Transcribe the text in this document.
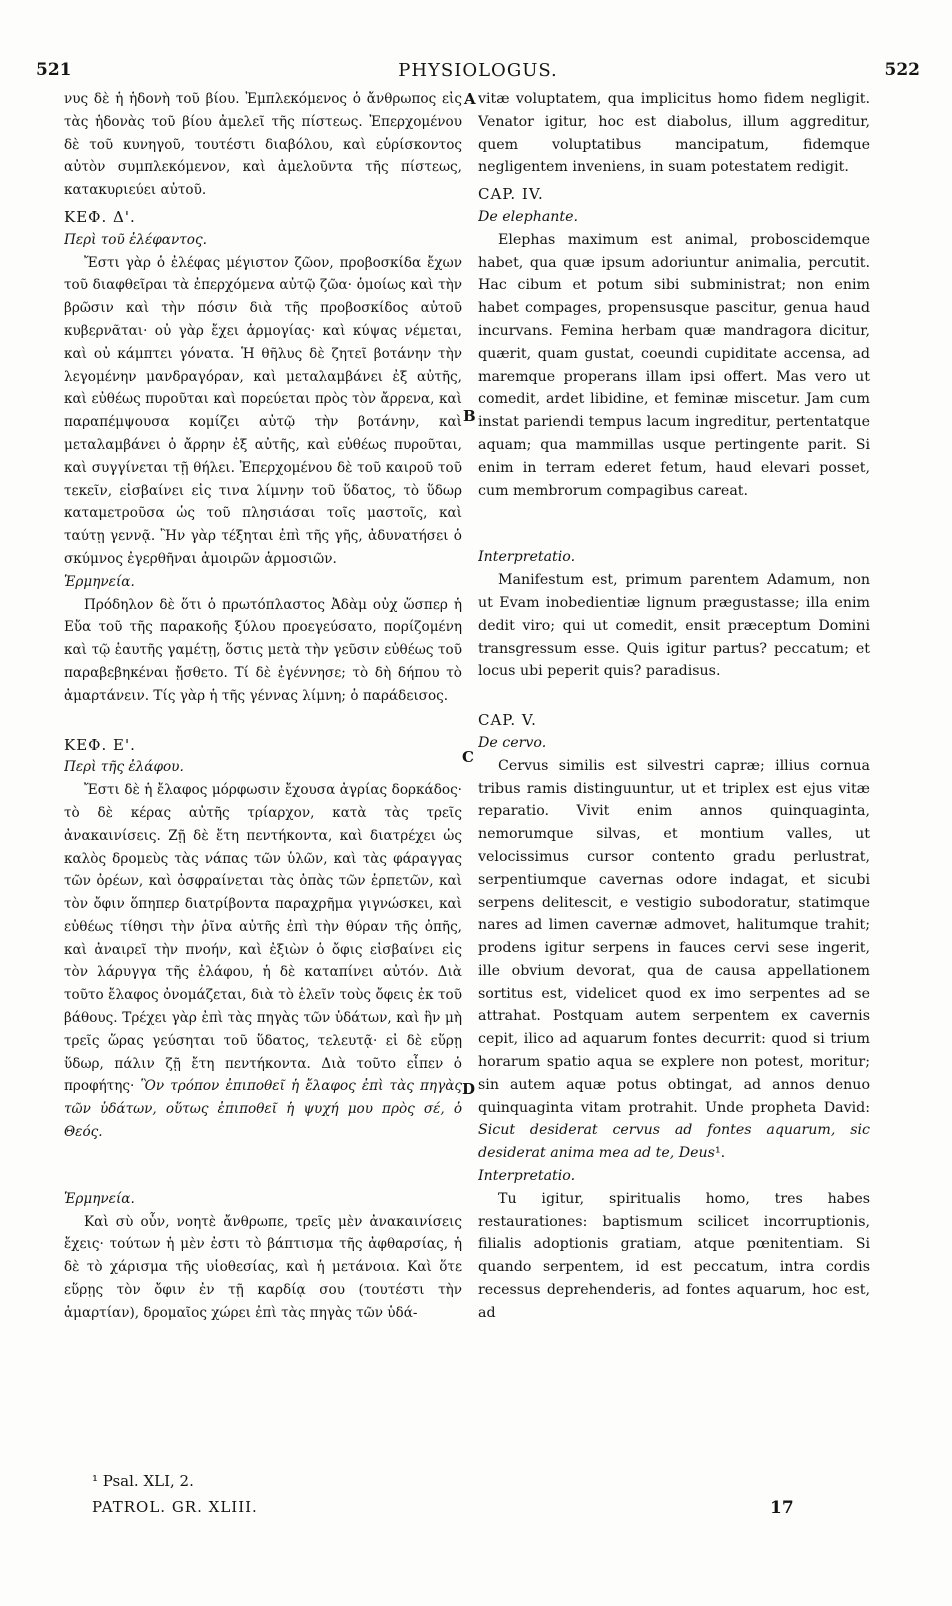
521	PHYSIOLOGUS.	522

νυς δὲ ἡ ἡδονὴ τοῦ βίου. Ἐμπλεκόμενος ὁ ἄνθρωπος εἰς τὰς ἡδονὰς τοῦ βίου ἀμελεῖ τῆς πίστεως. Ἐπερχομένου δὲ τοῦ κυνηγοῦ, τουτέστι διαβόλου, καὶ εὑρίσκοντος αὐτὸν συμπλεκόμενον, καὶ ἀμελοῦντα τῆς πίστεως, κατακυριεύει αὐτοῦ.

ΚΕΦ. Δ'.

Περὶ τοῦ ἐλέφαντος.

Ἔστι γὰρ ὁ ἐλέφας μέγιστον ζῶον, προβοσκίδα ἔχων τοῦ διαφθεῖραι τὰ ἐπερχόμενα αὐτῷ ζῶα· ὁμοίως καὶ τὴν βρῶσιν καὶ τὴν πόσιν διὰ τῆς προβοσκίδος αὐτοῦ κυβερνᾶται· οὐ γὰρ ἔχει ἁρμογίας· καὶ κύψας νέμεται, καὶ οὐ κάμπτει γόνατα. Ἡ θῆλυς δὲ ζητεῖ βοτάνην τὴν λεγομένην μανδραγόραν, καὶ μεταλαμβάνει ἐξ αὐτῆς, καὶ εὐθέως πυροῦται καὶ πορεύεται πρὸς τὸν ἄρρενα, καὶ παραπέμψουσα κομίζει αὐτῷ τὴν βοτάνην, καὶ μεταλαμβάνει ὁ ἄρρην ἐξ αὐτῆς, καὶ εὐθέως πυροῦται, καὶ συγγίνεται τῇ θήλει. Ἐπερχομένου δὲ τοῦ καιροῦ τοῦ τεκεῖν, εἰσβαίνει εἰς τινα λίμνην τοῦ ὕδατος, τὸ ὕδωρ καταμετροῦσα ὡς τοῦ πλησιάσαι τοῖς μαστοῖς, καὶ ταύτῃ γεννᾷ. Ἢν γὰρ τέξηται ἐπὶ τῆς γῆς, ἀδυνατήσει ὁ σκύμνος ἐγερθῆναι ἀμοιρῶν ἁρμοσιῶν.

Ἑρμηνεία.

Πρόδηλον δὲ ὅτι ὁ πρωτόπλαστος Ἀδὰμ οὐχ ὥσπερ ἡ Εὔα τοῦ τῆς παρακοῆς ξύλου προεγεύσατο, πορίζομένη καὶ τῷ ἑαυτῆς γαμέτῃ, ὅστις μετὰ τὴν γεῦσιν εὐθέως τοῦ παραβεβηκέναι ᾔσθετο. Τί δὲ ἐγέννησε; τὸ δὴ δήπου τὸ ἁμαρτάνειν. Τίς γὰρ ἡ τῆς γέννας λίμνη; ὁ παράδεισος.

ΚΕΦ. Ε'.

Περὶ τῆς ἐλάφου.

Ἔστι δὲ ἡ ἔλαφος μόρφωσιν ἔχουσα ἀγρίας δορκάδος· τὸ δὲ κέρας αὐτῆς τρίαρχον, κατὰ τὰς τρεῖς ἀνακαινίσεις. Ζῇ δὲ ἔτη πεντήκοντα, καὶ διατρέχει ὡς καλὸς δρομεὺς τὰς νάπας τῶν ὑλῶν, καὶ τὰς φάραγγας τῶν ὀρέων, καὶ ὀσφραίνεται τὰς ὀπὰς τῶν ἑρπετῶν, καὶ τὸν ὄφιν ὅπηπερ διατρίβοντα παραχρῆμα γιγνώσκει, καὶ εὐθέως τίθησι τὴν ῥῖνα αὐτῆς ἐπὶ τὴν θύραν τῆς ὀπῆς, καὶ ἀναιρεῖ τὴν πνοήν, καὶ ἐξιὼν ὁ ὄφις εἰσβαίνει εἰς τὸν λάρυγγα τῆς ἐλάφου, ἡ δὲ καταπίνει αὐτόν. Διὰ τοῦτο ἔλαφος ὀνομάζεται, διὰ τὸ ἑλεῖν τοὺς ὄφεις ἐκ τοῦ βάθους. Τρέχει γὰρ ἐπὶ τὰς πηγὰς τῶν ὑδάτων, καὶ ἣν μὴ τρεῖς ὥρας γεύσηται τοῦ ὕδατος, τελευτᾷ· εἰ δὲ εὕρῃ ὕδωρ, πάλιν ζῇ ἔτη πεντήκοντα. Διὰ τοῦτο εἶπεν ὁ προφήτης· Ὃν τρόπον ἐπιποθεῖ ἡ ἔλαφος ἐπὶ τὰς πηγὰς τῶν ὑδάτων, οὕτως ἐπιποθεῖ ἡ ψυχή μου πρὸς σέ, ὁ Θεός.

Ἑρμηνεία.

Καὶ σὺ οὖν, νοητὲ ἄνθρωπε, τρεῖς μὲν ἀνακαινίσεις ἔχεις· τούτων ἡ μὲν ἐστι τὸ βάπτισμα τῆς ἀφθαρσίας, ἡ δὲ τὸ χάρισμα τῆς υἱοθεσίας, καὶ ἡ μετάνοια. Καὶ ὅτε εὕρῃς τὸν ὄφιν ἐν τῇ καρδίᾳ σου (τουτέστι τὴν ἁμαρτίαν), δρομαῖος χώρει ἐπὶ τὰς πηγὰς τῶν ὑδά-

vitæ voluptatem, qua implicitus homo fidem negligit. Venator igitur, hoc est diabolus, illum aggreditur, quem voluptatibus mancipatum, fidemque negligentem inveniens, in suam potestatem redigit.

CAP. IV.

De elephante.

Elephas maximum est animal, proboscidemque habet, qua quæ ipsum adoriuntur animalia, percutit. Hac cibum et potum sibi subministrat; non enim habet compages, propensusque pascitur, genua haud incurvans. Femina herbam quæ mandragora dicitur, quærit, quam gustat, coeundi cupiditate accensa, ad maremque properans illam ipsi offert. Mas vero ut comedit, ardet libidine, et feminæ miscetur. Jam cum instat pariendi tempus lacum ingreditur, pertentatque aquam; qua mammillas usque pertingente parit. Si enim in terram ederet fetum, haud elevari posset, cum membrorum compagibus careat.

Interpretatio.

Manifestum est, primum parentem Adamum, non ut Evam inobedientiæ lignum prægustasse; illa enim dedit viro; qui ut comedit, ensit præceptum Domini transgressum esse. Quis igitur partus? peccatum; et locus ubi peperit quis? paradisus.

CAP. V.

De cervo.

Cervus similis est silvestri capræ; illius cornua tribus ramis distinguuntur, ut et triplex est ejus vitæ reparatio. Vivit enim annos quinquaginta, nemorumque silvas, et montium valles, ut velocissimus cursor contento gradu perlustrat, serpentiumque cavernas odore indagat, et sicubi serpens delitescit, e vestigio subodoratur, statimque nares ad limen cavernæ admovet, halitumque trahit; prodens igitur serpens in fauces cervi sese ingerit, ille obvium devorat, qua de causa appellationem sortitus est, videlicet quod ex imo serpentes ad se attrahat. Postquam autem serpentem ex cavernis cepit, ilico ad aquarum fontes decurrit: quod si trium horarum spatio aqua se explere non potest, moritur; sin autem aquæ potus obtingat, ad annos denuo quinquaginta vitam protrahit. Unde propheta David: Sicut desiderat cervus ad fontes aquarum, sic desiderat anima mea ad te, Deus¹.

Interpretatio.

Tu igitur, spiritualis homo, tres habes restaurationes: baptismum scilicet incorruptionis, filialis adoptionis gratiam, atque pœnitentiam. Si quando serpentem, id est peccatum, intra cordis recessus deprehenderis, ad fontes aquarum, hoc est, ad

A
B
C
D
¹ Psal. XLI, 2.
PATROL. GR. XLIII.	17
